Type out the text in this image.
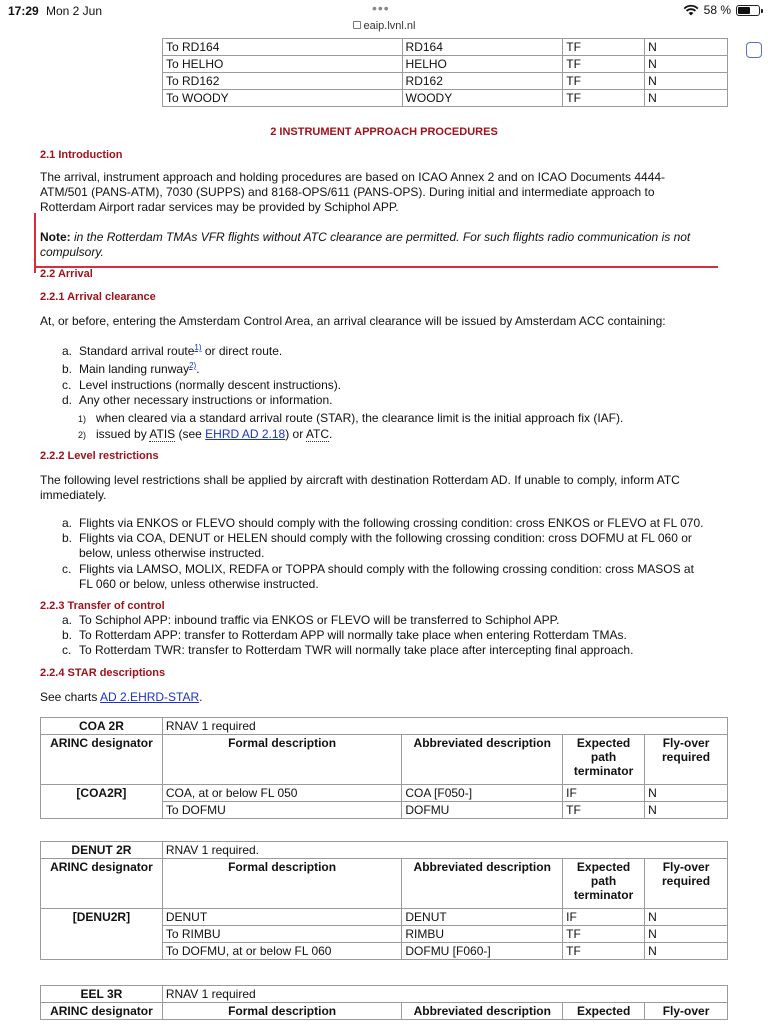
17:29 Mon 2 Jun	•••	58 %
eaip.lvnl.nl
To RD164	RD164	TF	N
To HELHO	HELHO	TF	N
To RD162	RD162	TF	N
To WOODY	WOODY	TF	N
2 INSTRUMENT APPROACH PROCEDURES

2.1 Introduction

The arrival, instrument approach and holding procedures are based on ICAO Annex 2 and on ICAO Documents 4444-ATM/501 (PANS-ATM), 7030 (SUPPS) and 8168-OPS/611 (PANS-OPS). During initial and intermediate approach to Rotterdam Airport radar services may be provided by Schiphol APP.

Note: in the Rotterdam TMAs VFR flights without ATC clearance are permitted. For such flights radio communication is not compulsory.

2.2 Arrival

2.2.1 Arrival clearance

At, or before, entering the Amsterdam Control Area, an arrival clearance will be issued by Amsterdam ACC containing:

a. Standard arrival route$^{1)}$ or direct route.

b. Main landing runway$^{2)}$.

c. Level instructions (normally descent instructions).

d. Any other necessary instructions or information.

1) when cleared via a standard arrival route (STAR), the clearance limit is the initial approach fix (IAF).

2) issued by ATIS (see EHRD AD 2.18) or ATC.

2.2.2 Level restrictions

The following level restrictions shall be applied by aircraft with destination Rotterdam AD. If unable to comply, inform ATC immediately.

a. Flights via ENKOS or FLEVO should comply with the following crossing condition: cross ENKOS or FLEVO at FL 070.

b. Flights via COA, DENUT or HELEN should comply with the following crossing condition: cross DOFMU at FL 060 or

below, unless otherwise instructed.

c. Flights via LAMSO, MOLIX, REDFA or TOPPA should comply with the following crossing condition: cross MASOS at

FL 060 or below, unless otherwise instructed.

2.2.3 Transfer of control

a. To Schiphol APP: inbound traffic via ENKOS or FLEVO will be transferred to Schiphol APP.

b. To Rotterdam APP: transfer to Rotterdam APP will normally take place when entering Rotterdam TMAs.

c. To Rotterdam TWR: transfer to Rotterdam TWR will normally take place after intercepting final approach.

2.2.4 STAR descriptions

See charts AD 2.EHRD-STAR.

COA 2R	RNAV 1 required			
ARINC designator	Formal description	Abbreviated description	Expected
path
terminator	Fly-over
required
[COA2R]	COA, at or below FL 050	COA [F050-]	IF	N
	To DOFMU	DOFMU	TF	N
DENUT 2R	RNAV 1 required.			
ARINC designator	Formal description	Abbreviated description	Expected
path
terminator	Fly-over
required
[DENU2R]	DENUT	DENUT	IF	N
	To RIMBU	RIMBU	TF	N
	To DOFMU, at or below FL 060	DOFMU [F060-]	TF	N
EEL 3R	RNAV 1 required			
ARINC designator	Formal description	Abbreviated description	Expected	Fly-over
